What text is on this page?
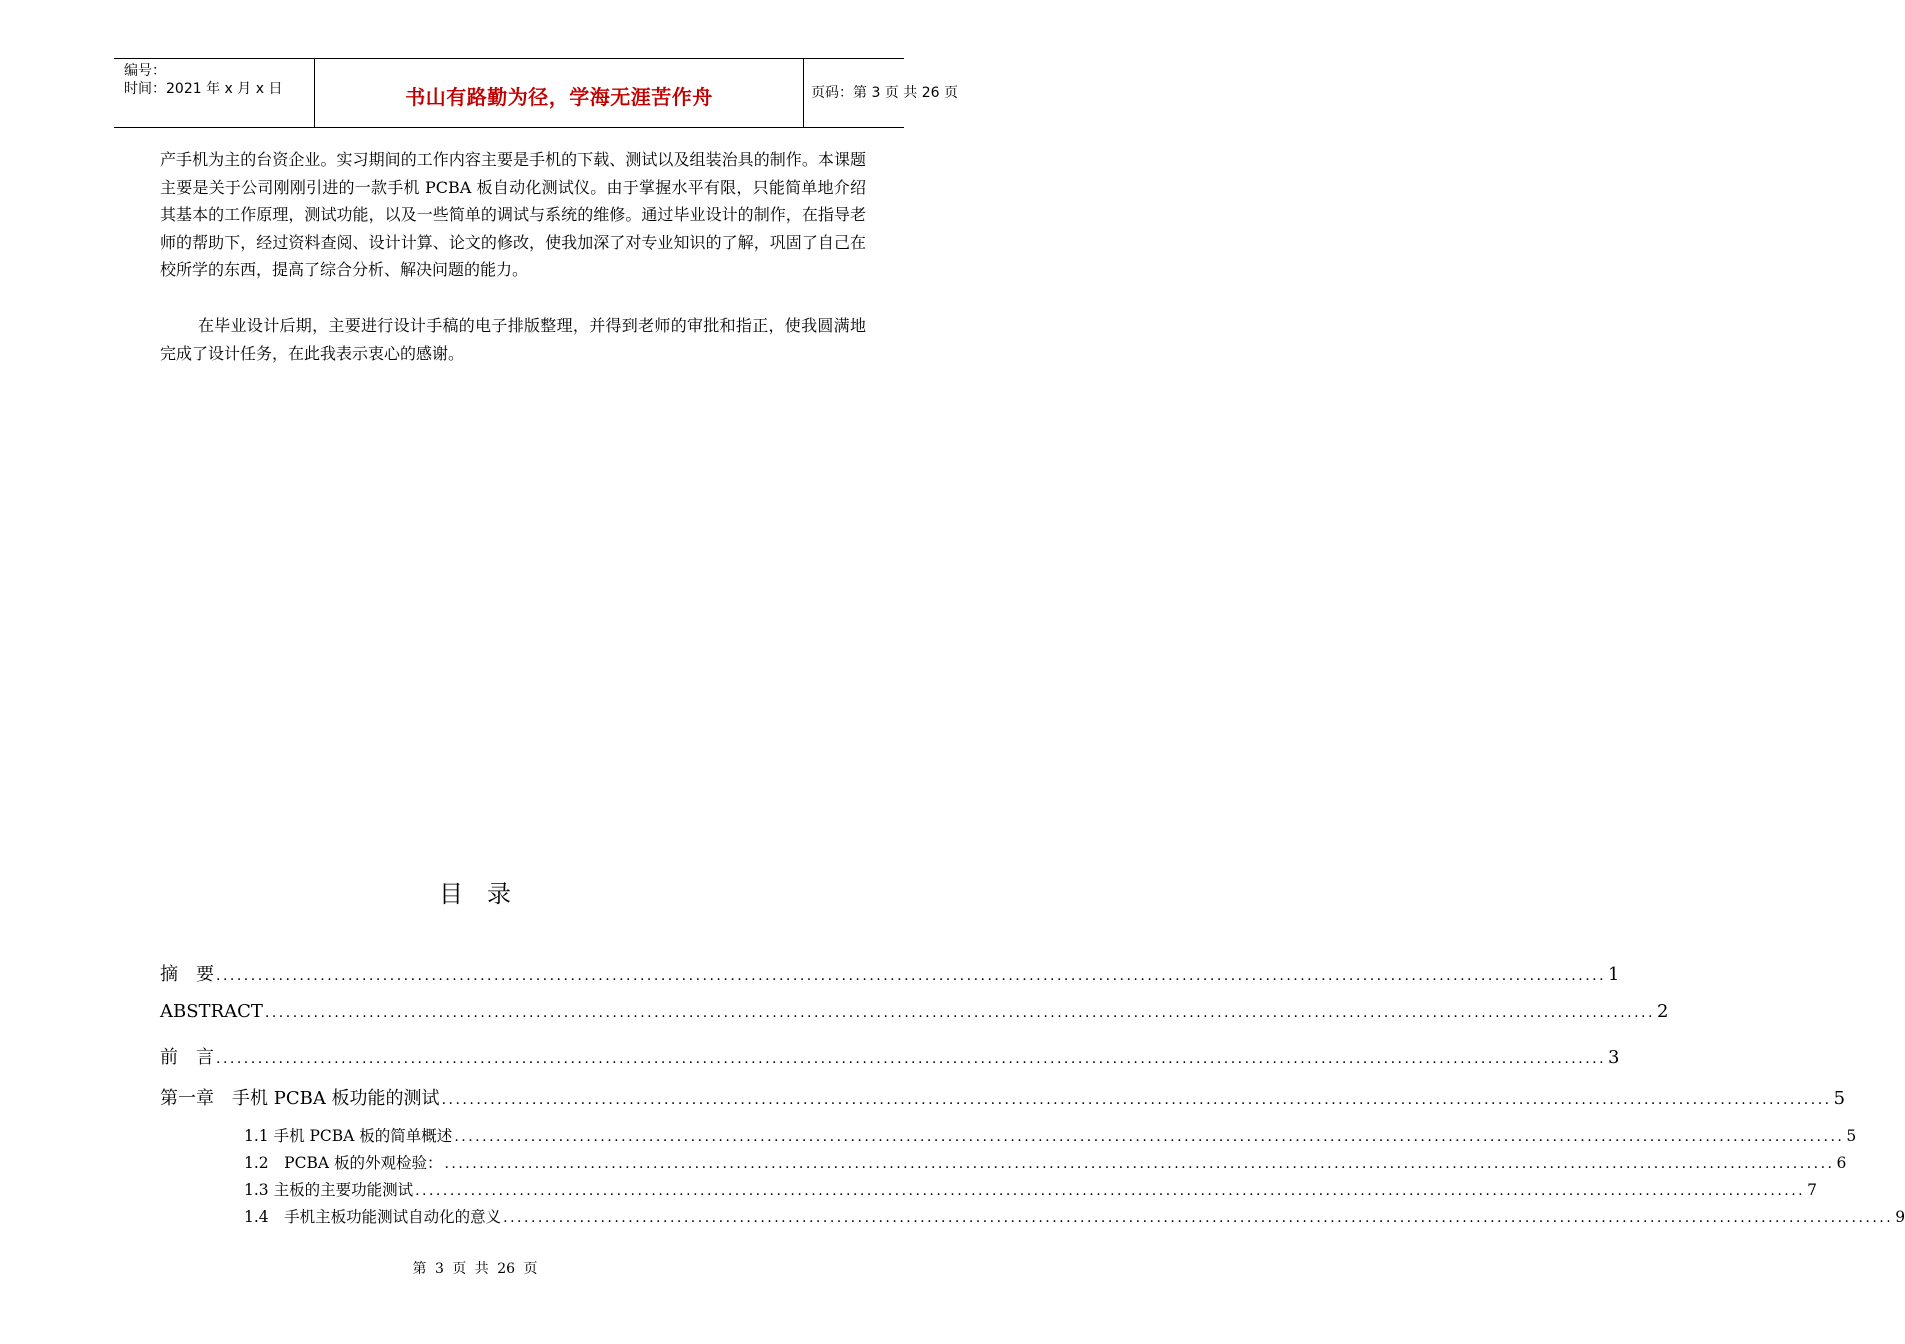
编号：
时间：2021 年 x 月 x 日	书山有路勤为径，学海无涯苦作舟	页码：第 3 页 共 26 页
产手机为主的台资企业。实习期间的工作内容主要是手机的下载、测试以及组装治具的制作。本课题主要是关于公司刚刚引进的一款手机 PCBA 板自动化测试仪。由于掌握水平有限，只能简单地介绍其基本的工作原理，测试功能，以及一些简单的调试与系统的维修。通过毕业设计的制作，在指导老师的帮助下，经过资料查阅、设计计算、论文的修改，使我加深了对专业知识的了解，巩固了自己在校所学的东西，提高了综合分析、解决问题的能力。
在毕业设计后期，主要进行设计手稿的电子排版整理，并得到老师的审批和指正，使我圆满地完成了设计任务，在此我表示衷心的感谢。
目录
摘　要 ........................................................................................................................................................................................................ 1
ABSTRACT ........................................................................................................................................................................................................ 2
前　言 ........................................................................................................................................................................................................ 3
第一章　手机 PCBA 板功能的测试 ........................................................................................................................................................................................................ 5
1.1 手机 PCBA 板的简单概述 ........................................................................................................................................................................................................ 5
1.2　PCBA 板的外观检验： ........................................................................................................................................................................................................ 6
1.3 主板的主要功能测试 ........................................................................................................................................................................................................ 7
1.4　手机主板功能测试自动化的意义 ........................................................................................................................................................................................................ 9
第 3 页 共 26 页
